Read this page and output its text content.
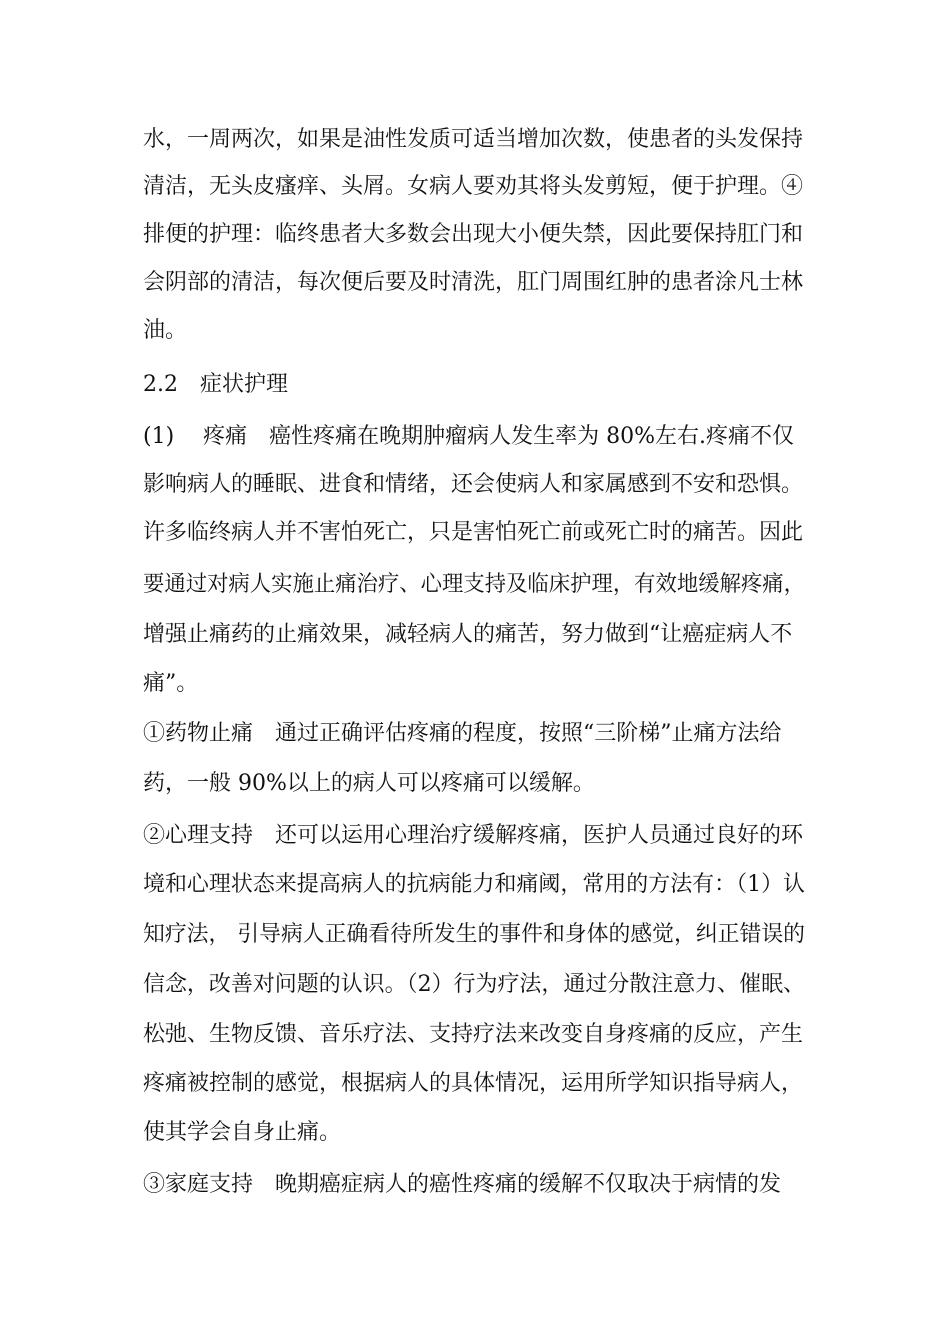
水，一周两次，如果是油性发质可适当增加次数，使患者的头发保持
清洁，无头皮瘙痒、头屑。女病人要劝其将头发剪短，便于护理。④
排便的护理：临终患者大多数会出现大小便失禁，因此要保持肛门和
会阴部的清洁，每次便后要及时清洗，肛门周围红肿的患者涂凡士林
油。
2.2　症状护理
(1)　 疼痛　癌性疼痛在晚期肿瘤病人发生率为 80%左右.疼痛不仅
影响病人的睡眠、进食和情绪，还会使病人和家属感到不安和恐惧。
许多临终病人并不害怕死亡，只是害怕死亡前或死亡时的痛苦。因此
要通过对病人实施止痛治疗、心理支持及临床护理，有效地缓解疼痛，
增强止痛药的止痛效果，减轻病人的痛苦，努力做到“让癌症病人不
痛”。
①药物止痛　通过正确评估疼痛的程度，按照“三阶梯”止痛方法给
药，一般 90%以上的病人可以疼痛可以缓解。
②心理支持　还可以运用心理治疗缓解疼痛，医护人员通过良好的环
境和心理状态来提高病人的抗病能力和痛阈，常用的方法有：（1）认
知疗法， 引导病人正确看待所发生的事件和身体的感觉，纠正错误的
信念，改善对问题的认识。（2）行为疗法，通过分散注意力、催眠、
松弛、生物反馈、音乐疗法、支持疗法来改变自身疼痛的反应，产生
疼痛被控制的感觉，根据病人的具体情况，运用所学知识指导病人，
使其学会自身止痛。
③家庭支持　晚期癌症病人的癌性疼痛的缓解不仅取决于病情的发
